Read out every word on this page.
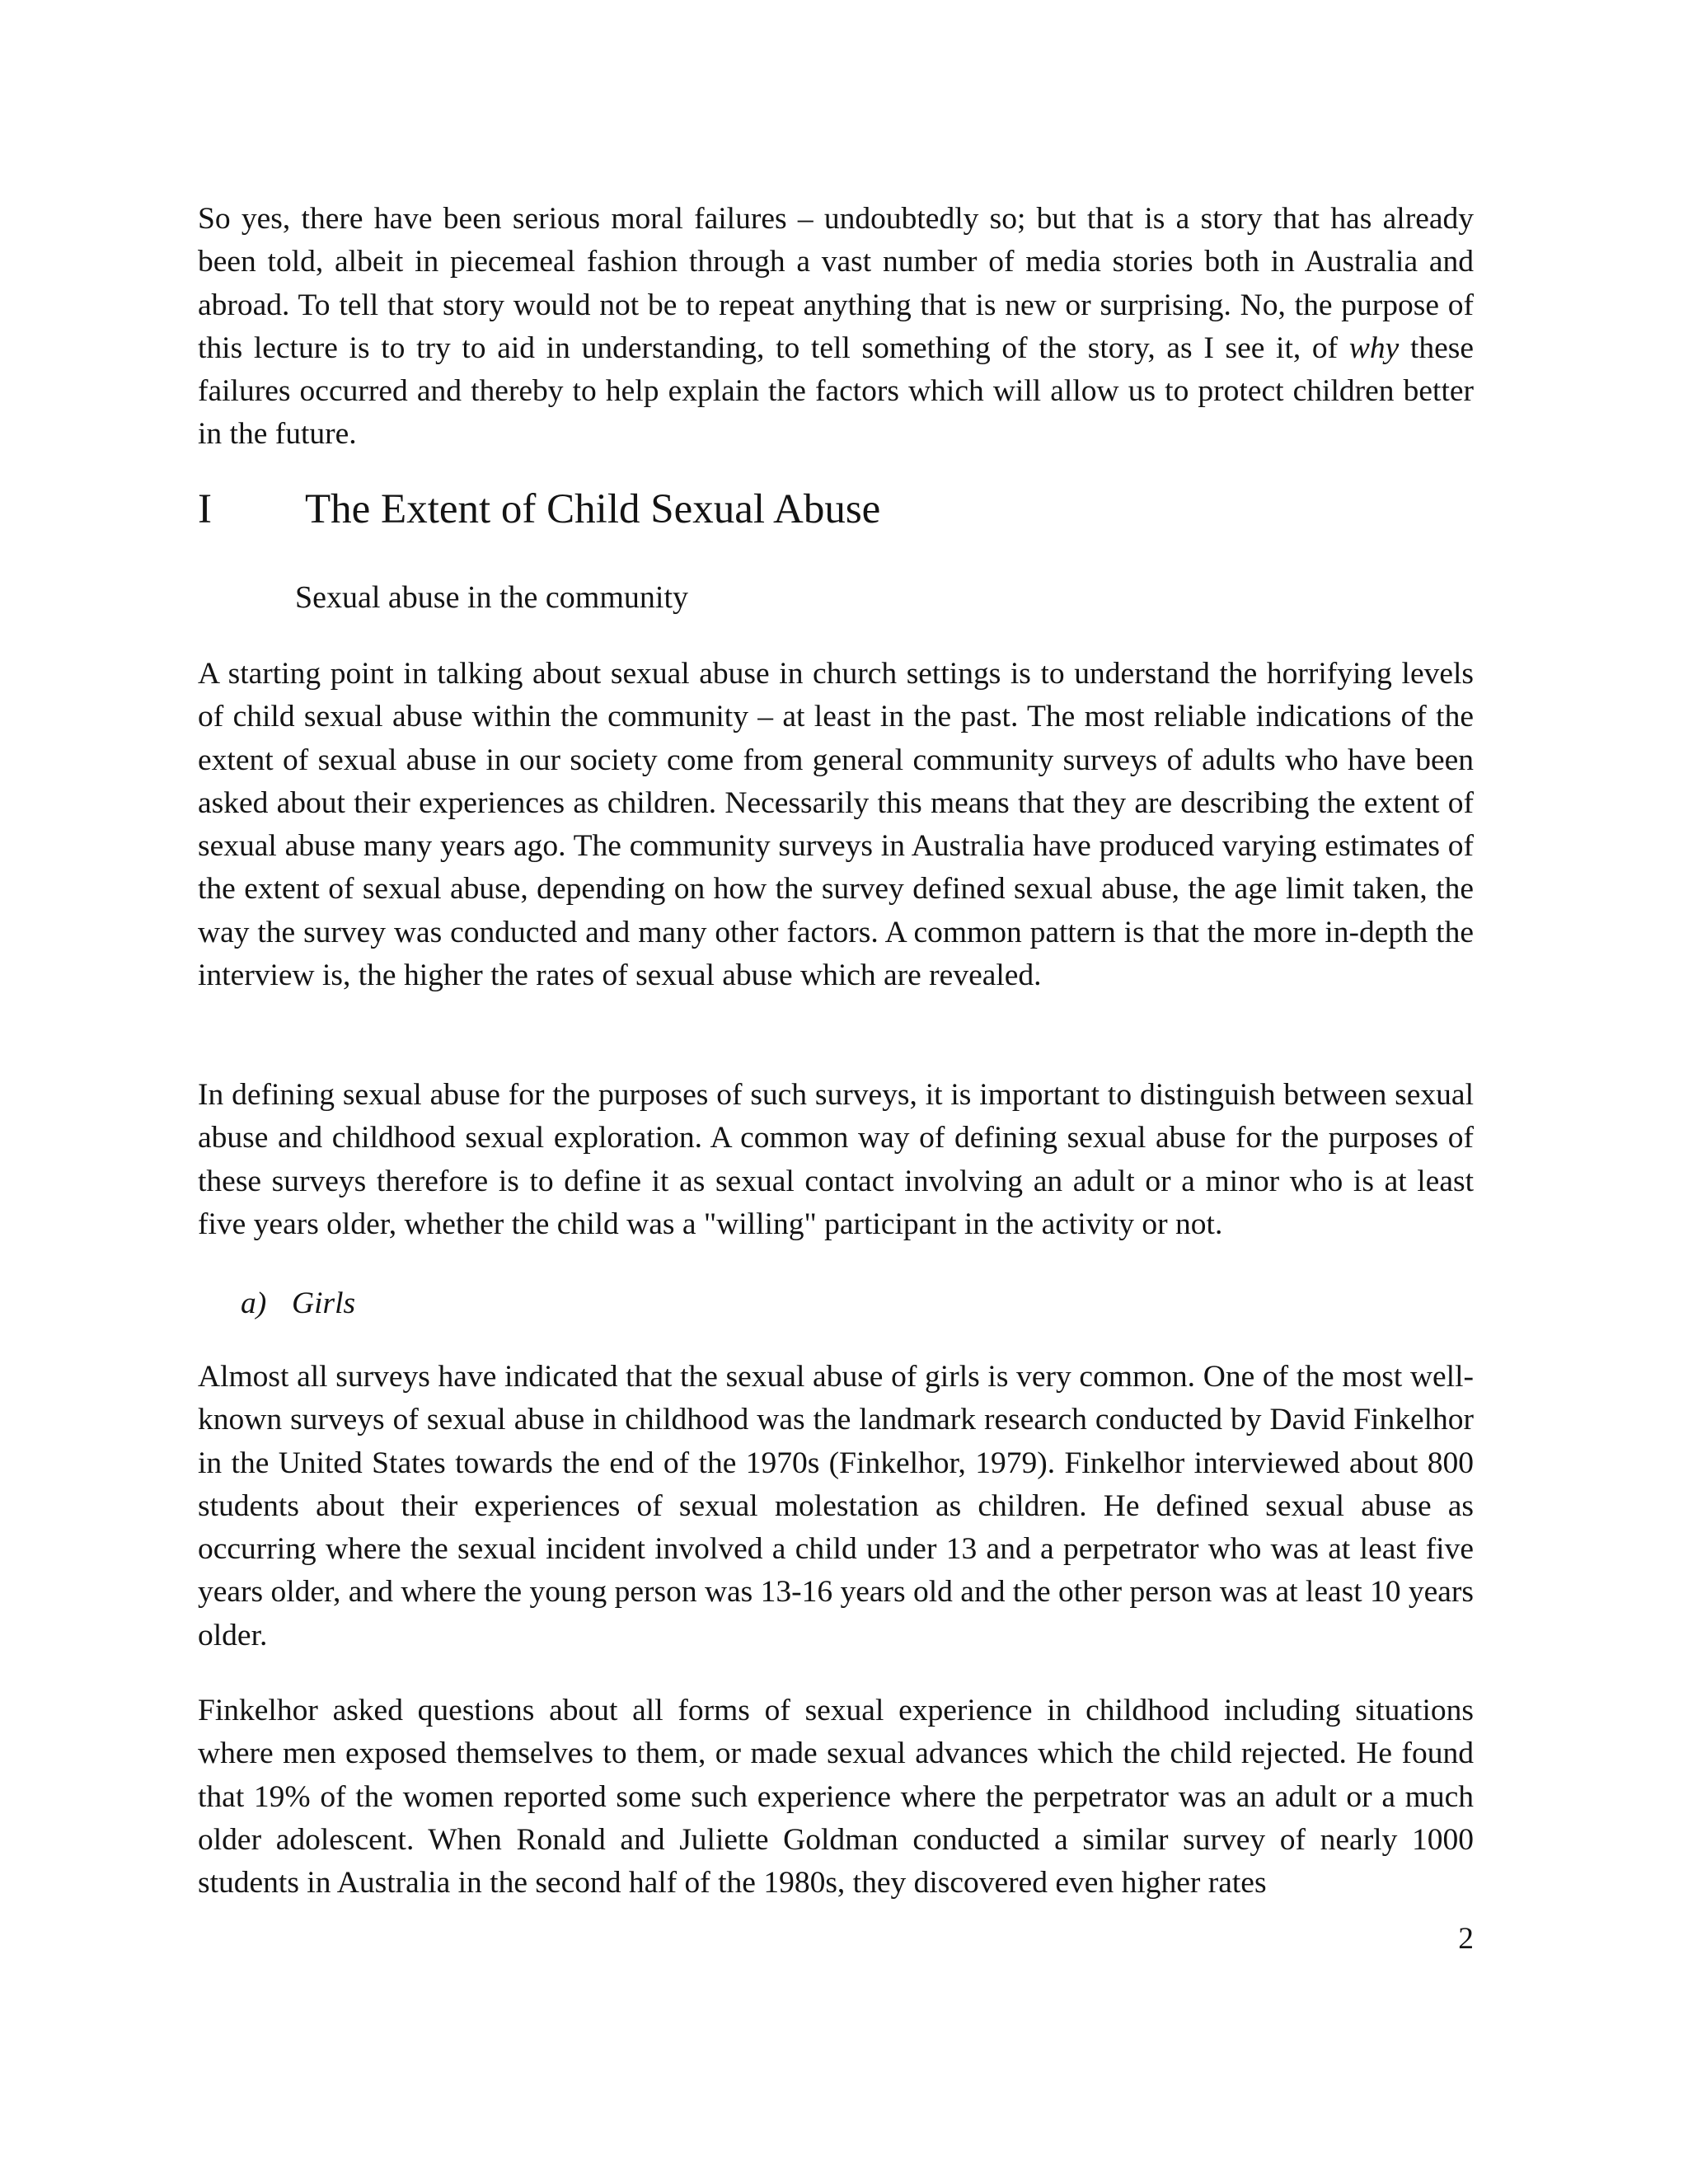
So yes, there have been serious moral failures – undoubtedly so; but that is a story that has already been told, albeit in piecemeal fashion through a vast number of media stories both in Australia and abroad. To tell that story would not be to repeat anything that is new or surprising. No, the purpose of this lecture is to try to aid in understanding, to tell something of the story, as I see it, of why these failures occurred and thereby to help explain the factors which will allow us to protect children better in the future.

I The Extent of Child Sexual Abuse
Sexual abuse in the community

A starting point in talking about sexual abuse in church settings is to understand the horrifying levels of child sexual abuse within the community – at least in the past. The most reliable indications of the extent of sexual abuse in our society come from general community surveys of adults who have been asked about their experiences as children. Necessarily this means that they are describing the extent of sexual abuse many years ago. The community surveys in Australia have produced varying estimates of the extent of sexual abuse, depending on how the survey defined sexual abuse, the age limit taken, the way the survey was conducted and many other factors. A common pattern is that the more in-depth the interview is, the higher the rates of sexual abuse which are revealed.

In defining sexual abuse for the purposes of such surveys, it is important to distinguish between sexual abuse and childhood sexual exploration. A common way of defining sexual abuse for the purposes of these surveys therefore is to define it as sexual contact involving an adult or a minor who is at least five years older, whether the child was a "willing" participant in the activity or not.

a) Girls

Almost all surveys have indicated that the sexual abuse of girls is very common. One of the most well-known surveys of sexual abuse in childhood was the landmark research conducted by David Finkelhor in the United States towards the end of the 1970s (Finkelhor, 1979). Finkelhor interviewed about 800 students about their experiences of sexual molestation as children. He defined sexual abuse as occurring where the sexual incident involved a child under 13 and a perpetrator who was at least five years older, and where the young person was 13-16 years old and the other person was at least 10 years older.

Finkelhor asked questions about all forms of sexual experience in childhood including situations where men exposed themselves to them, or made sexual advances which the child rejected. He found that 19% of the women reported some such experience where the perpetrator was an adult or a much older adolescent. When Ronald and Juliette Goldman conducted a similar survey of nearly 1000 students in Australia in the second half of the 1980s, they discovered even higher rates

2
